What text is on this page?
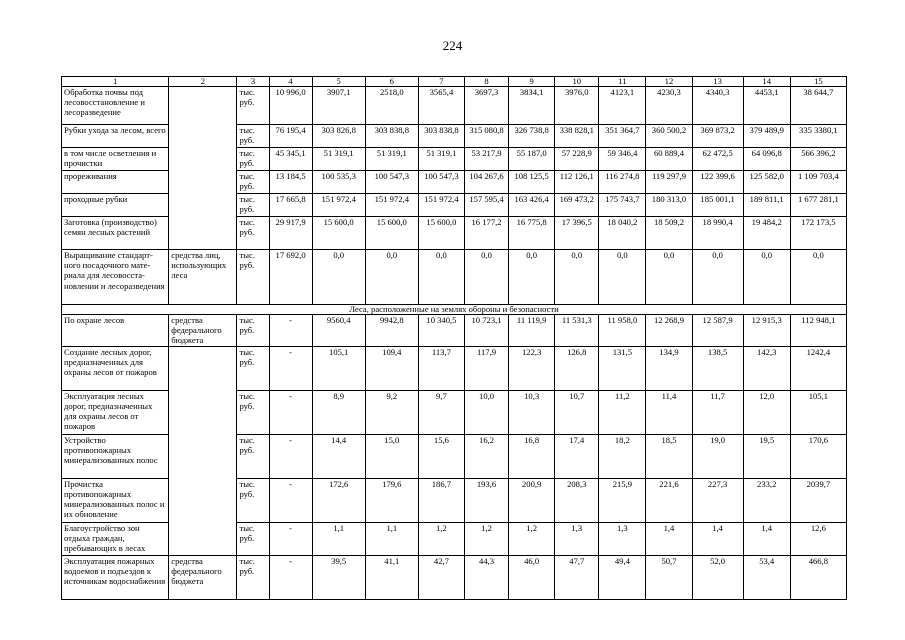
224
1	2	3	4	5	6	7	8	9	10	11	12	13	14	15
Обработка почвы под лесовосстановление и лесоразведение		тыс. руб.	10 996,0	3907,1	2518,0	3565,4	3697,3	3834,1	3976,0	4123,1	4230,3	4340,3	4453,1	38 644,7
Рубки ухода за лесом, всего		тыс. руб.	76 195,4	303 826,8	303 838,8	303 838,8	315 080,8	326 738,8	338 828,1	351 364,7	360 500,2	369 873,2	379 489,9	335 3380,1
в том числе осветления и прочистки		тыс. руб.	45 345,1	51 319,1	51 319,1	51 319,1	53 217,9	55 187,0	57 228,9	59 346,4	60 889,4	62 472,5	64 096,8	566 396,2
прореживания		тыс. руб.	13 184,5	100 535,3	100 547,3	100 547,3	104 267,6	108 125,5	112 126,1	116 274,8	119 297,9	122 399,6	125 582,0	1 109 703,4
проходные рубки		тыс. руб.	17 665,8	151 972,4	151 972,4	151 972,4	157 595,4	163 426,4	169 473,2	175 743,7	180 313,0	185 001,1	189 811,1	1 677 281,1
Заготовка (производство) семян лесных растений		тыс. руб.	29 917,9	15 600,0	15 600,0	15 600,0	16 177,2	16 775,8	17 396,5	18 040,2	18 509,2	18 990,4	19 484,2	172 173,5
Выращивание стандарт-ного посадочного мате-риала для лесовосста-новлении и лесоразведения	средства лиц, использующих леса	тыс. руб.	17 692,0	0,0	0,0	0,0	0,0	0,0	0,0	0,0	0,0	0,0	0,0	0,0
Леса, расположенные на землях обороны и безопасности														
По охране лесов	средства федерального бюджета	тыс. руб.	-	9560,4	9942,8	10 340,5	10 723,1	11 119,9	11 531,3	11 958,0	12 268,9	12 587,9	12 915,3	112 948,1
Создание лесных дорог, предназначенных для охраны лесов от пожаров		тыс. руб.	-	105,1	109,4	113,7	117,9	122,3	126,8	131,5	134,9	138,5	142,3	1242,4
Эксплуатация лесных дорог, предназначенных для охраны лесов от пожаров		тыс. руб.	-	8,9	9,2	9,7	10,0	10,3	10,7	11,2	11,4	11,7	12,0	105,1
Устройство противопожарных минерализованных полос		тыс. руб.	-	14,4	15,0	15,6	16,2	16,8	17,4	18,2	18,5	19,0	19,5	170,6
Прочистка противопожарных минерализованных полос и их обновление		тыс. руб.	-	172,6	179,6	186,7	193,6	200,9	208,3	215,9	221,6	227,3	233,2	2039,7
Благоустройство зон отдыха граждан, пребывающих в лесах		тыс. руб.	-	1,1	1,1	1,2	1,2	1,2	1,3	1,3	1,4	1,4	1,4	12,6
Эксплуатация пожарных водоемов и подъездов к источникам водоснабжения	средства федерального бюджета	тыс. руб.	-	39,5	41,1	42,7	44,3	46,0	47,7	49,4	50,7	52,0	53,4	466,8
